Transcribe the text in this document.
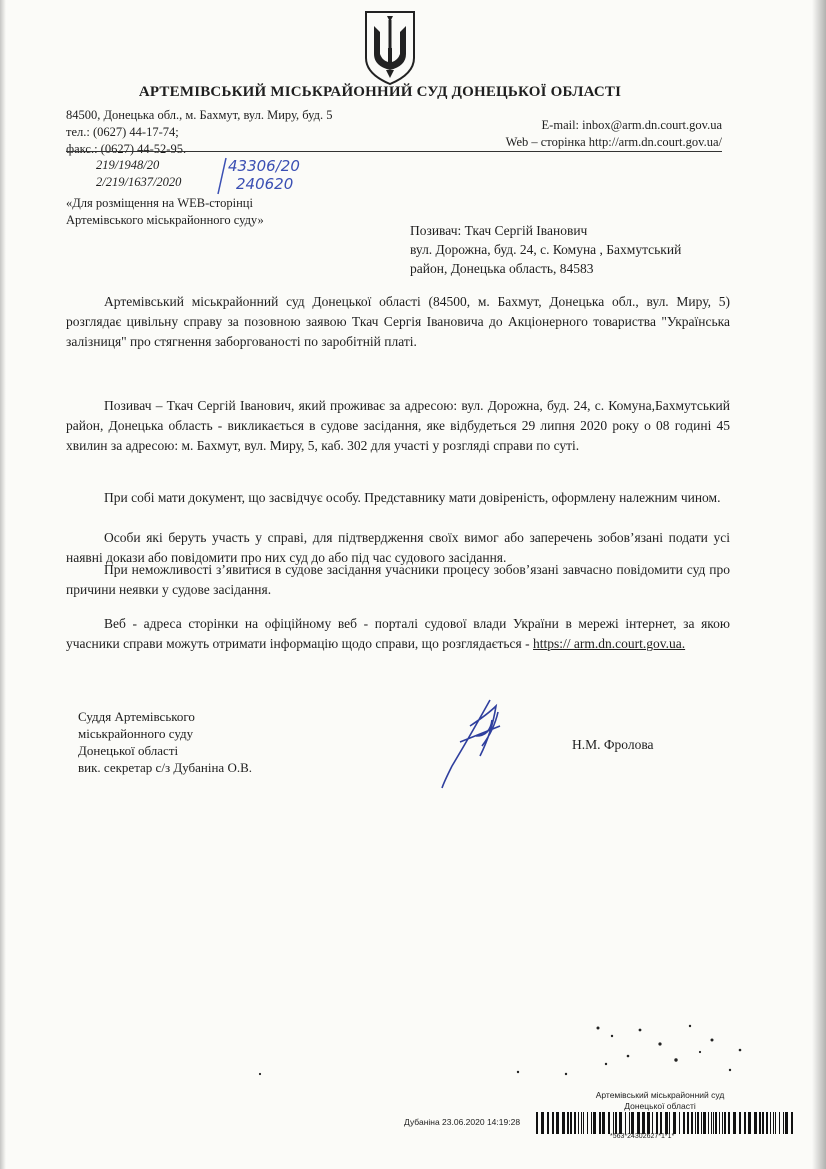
АРТЕМІВСЬКИЙ МІСЬКРАЙОННИЙ СУД ДОНЕЦЬКОЇ ОБЛАСТІ
84500, Донецька обл., м. Бахмут, вул. Миру, буд. 5
тел.: (0627) 44-17-74;
факс.: (0627) 44-52-95.
E-mail: inbox@arm.dn.court.gov.ua
Web – сторінка http://arm.dn.court.gov.ua/
219/1948/20
2/219/1637/2020
43306/20
240620
«Для розміщення на WEB-сторінці
Артемівського міськрайонного суду»
Позивач: Ткач Сергій Іванович
вул. Дорожна, буд. 24, с. Комуна , Бахмутський
район, Донецька область, 84583

Артемівський міськрайонний суд Донецької області (84500, м. Бахмут, Донецька обл., вул. Миру, 5) розглядає цивільну справу за позовною заявою Ткач Сергія Івановича до Акціонерного товариства "Українська залізниця" про стягнення заборгованості по заробітній платі.

Позивач – Ткач Сергій Іванович, який проживає за адресою: вул. Дорожна, буд. 24, с. Комуна,Бахмутський район, Донецька область - викликається в судове засідання, яке відбудеться 29 липня 2020 року о 08 годині 45 хвилин за адресою: м. Бахмут, вул. Миру, 5, каб. 302 для участі у розгляді справи по суті.

При собі мати документ, що засвідчує особу. Представнику мати довіреність, оформлену належним чином.

Особи які беруть участь у справі, для підтвердження своїх вимог або заперечень зобов’язані подати усі наявні докази або повідомити про них суд до або під час судового засідання.

При неможливості з’явитися в судове засідання учасники процесу зобов’язані завчасно повідомити суд про причини неявки у судове засідання.

Веб - адреса сторінки на офіційному веб - порталі судової влади України в мережі інтернет, за якою учасники справи можуть отримати інформацію щодо справи, що розглядається - https:// arm.dn.court.gov.ua.

Суддя Артемівського
міськрайонного суду
Донецької області
вик. секретар с/з Дубаніна О.В.
Н.М. Фролова
Артемівський міськрайонний суд
Донецької області
Дубаніна 23.06.2020 14:19:28
*563*24302627*1*1*
